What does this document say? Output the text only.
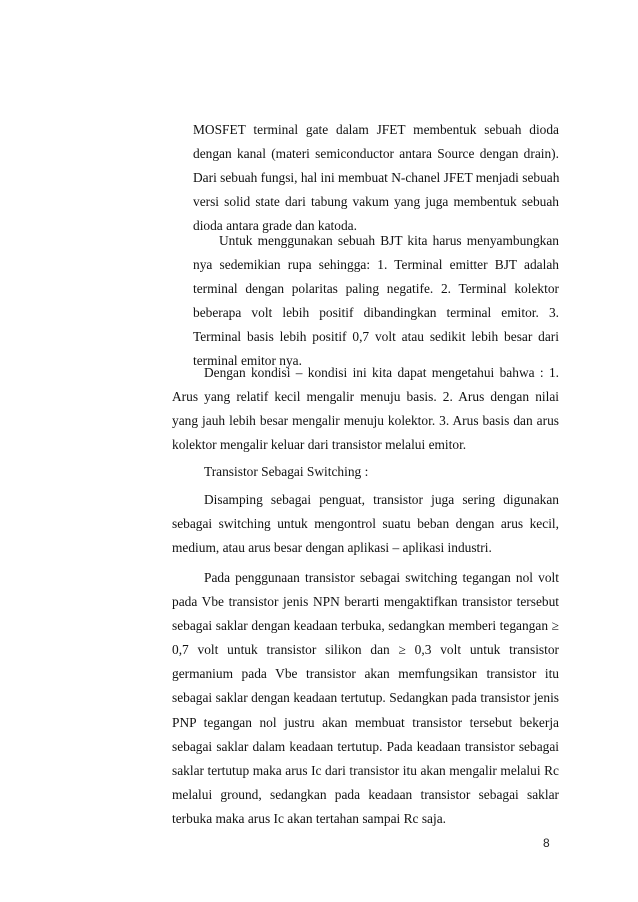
MOSFET terminal gate dalam JFET membentuk sebuah dioda
dengan kanal (materi semiconductor antara Source dengan drain).
Dari sebuah fungsi, hal ini membuat N-chanel JFET menjadi sebuah
versi solid state dari tabung vakum yang juga membentuk sebuah
dioda antara grade dan katoda.
Untuk menggunakan sebuah BJT kita harus menyambungkan
nya sedemikian rupa sehingga: 1. Terminal emitter BJT adalah
terminal dengan polaritas paling negatife. 2. Terminal kolektor
beberapa volt lebih positif dibandingkan terminal emitor. 3.
Terminal basis lebih positif 0,7 volt atau sedikit lebih besar dari
terminal emitor nya.
Dengan kondisi – kondisi ini kita dapat mengetahui bahwa : 1.
Arus yang relatif kecil mengalir menuju basis. 2. Arus dengan nilai
yang jauh lebih besar mengalir menuju kolektor. 3. Arus basis dan arus
kolektor mengalir keluar dari transistor melalui emitor.

Transistor Sebagai Switching :

Disamping sebagai penguat, transistor juga sering digunakan
sebagai switching untuk mengontrol suatu beban dengan arus kecil,
medium, atau arus besar dengan aplikasi – aplikasi industri.
Pada penggunaan transistor sebagai switching tegangan nol volt
pada Vbe transistor jenis NPN berarti mengaktifkan transistor tersebut
sebagai saklar dengan keadaan terbuka, sedangkan memberi tegangan ≥
0,7 volt untuk transistor silikon dan ≥ 0,3 volt untuk transistor
germanium pada Vbe transistor akan memfungsikan transistor itu
sebagai saklar dengan keadaan tertutup. Sedangkan pada transistor jenis
PNP tegangan nol justru akan membuat transistor tersebut bekerja
sebagai saklar dalam keadaan tertutup. Pada keadaan transistor sebagai
saklar tertutup maka arus Ic dari transistor itu akan mengalir melalui Rc
melalui ground, sedangkan pada keadaan transistor sebagai saklar
terbuka maka arus Ic akan tertahan sampai Rc saja.
8
